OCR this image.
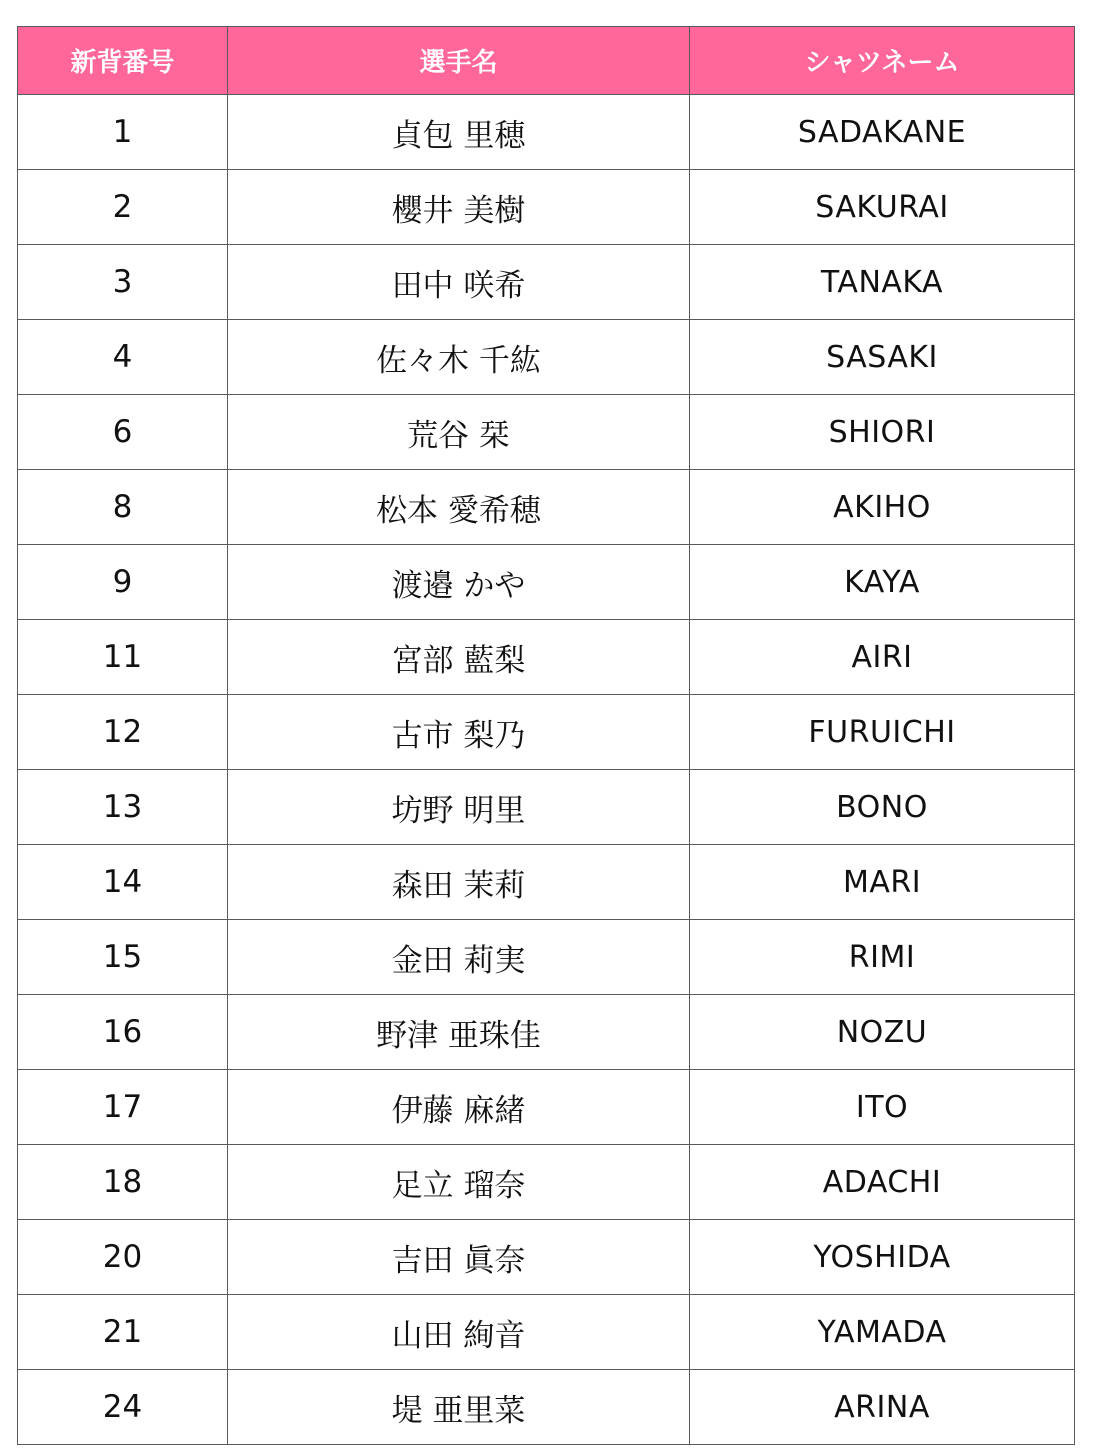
新背番号	選手名	シャツネーム
1	貞包 里穂	SADAKANE
2	櫻井 美樹	SAKURAI
3	田中 咲希	TANAKA
4	佐々木 千紘	SASAKI
6	荒谷 栞	SHIORI
8	松本 愛希穂	AKIHO
9	渡邉 かや	KAYA
11	宮部 藍梨	AIRI
12	古市 梨乃	FURUICHI
13	坊野 明里	BONO
14	森田 茉莉	MARI
15	金田 莉実	RIMI
16	野津 亜珠佳	NOZU
17	伊藤 麻緒	ITO
18	足立 瑠奈	ADACHI
20	吉田 眞奈	YOSHIDA
21	山田 絢音	YAMADA
24	堤 亜里菜	ARINA
